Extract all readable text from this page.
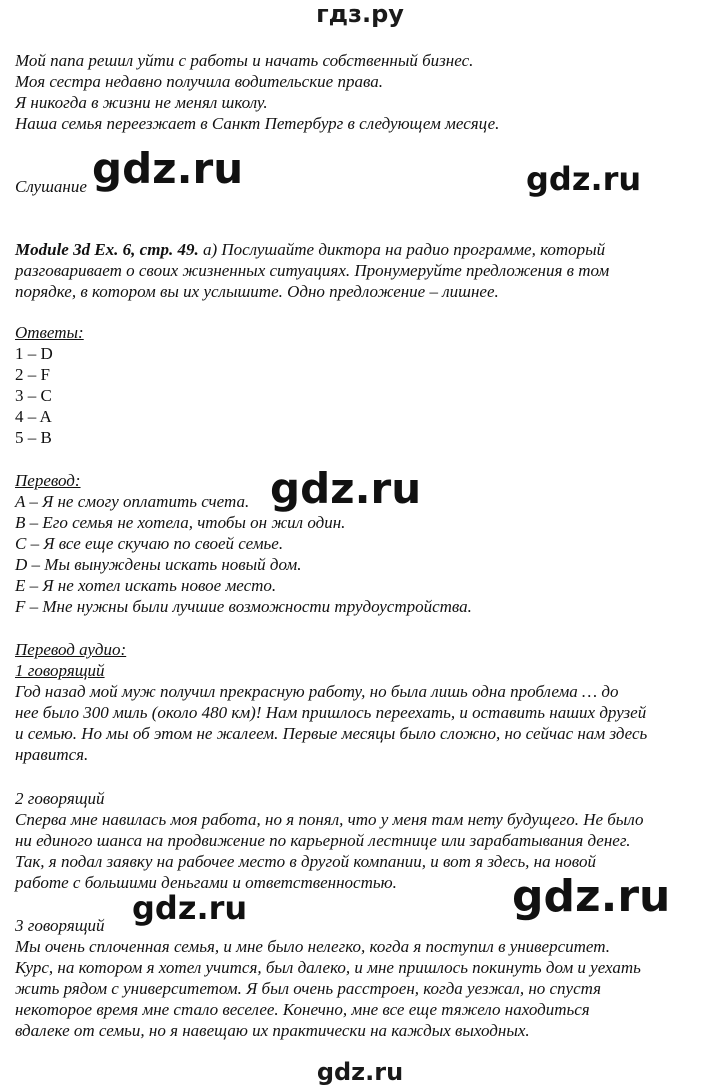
гдз.ру
Мой папа решил уйти с работы и начать собственный бизнес.
Моя сестра недавно получила водительские права.
Я никогда в жизни не менял школу.
Наша семья переезжает в Санкт Петербург в следующем месяце.
Слушание
Module 3d Ex. 6, стр. 49. а) Послушайте диктора на радио программе, который
разговаривает о своих жизненных ситуациях. Пронумеруйте предложения в том
порядке, в котором вы их услышите. Одно предложение – лишнее.
Ответы:
1 – D
2 – F
3 – C
4 – A
5 – B
Перевод:
A – Я не смогу оплатить счета.
B – Его семья не хотела, чтобы он жил один.
C – Я все еще скучаю по своей семье.
D – Мы вынуждены искать новый дом.
E – Я не хотел искать новое место.
F – Мне нужны были лучшие возможности трудоустройства.
Перевод аудио:
1 говорящий
Год назад мой муж получил прекрасную работу, но была лишь одна проблема … до
нее было 300 миль (около 480 км)! Нам пришлось переехать, и оставить наших друзей
и семью. Но мы об этом не жалеем. Первые месяцы было сложно, но сейчас нам здесь
нравится.
2 говорящий
Сперва мне навилась моя работа, но я понял, что у меня там нету будущего. Не было
ни единого шанса на продвижение по карьерной лестнице или зарабатывания денег.
Так, я подал заявку на рабочее место в другой компании, и вот я здесь, на новой
работе с большими деньгами и ответственностью.
3 говорящий
Мы очень сплоченная семья, и мне было нелегко, когда я поступил в университет.
Курс, на котором я хотел учится, был далеко, и мне пришлось покинуть дом и уехать
жить рядом с университетом. Я был очень расстроен, когда уезжал, но спустя
некоторое время мне стало веселее. Конечно, мне все еще тяжело находиться
вдалеке от семьи, но я навещаю их практически на каждых выходных.
gdz.ru	gdz.ru
gdz.ru
gdz.ru
gdz.ru
gdz.ru
